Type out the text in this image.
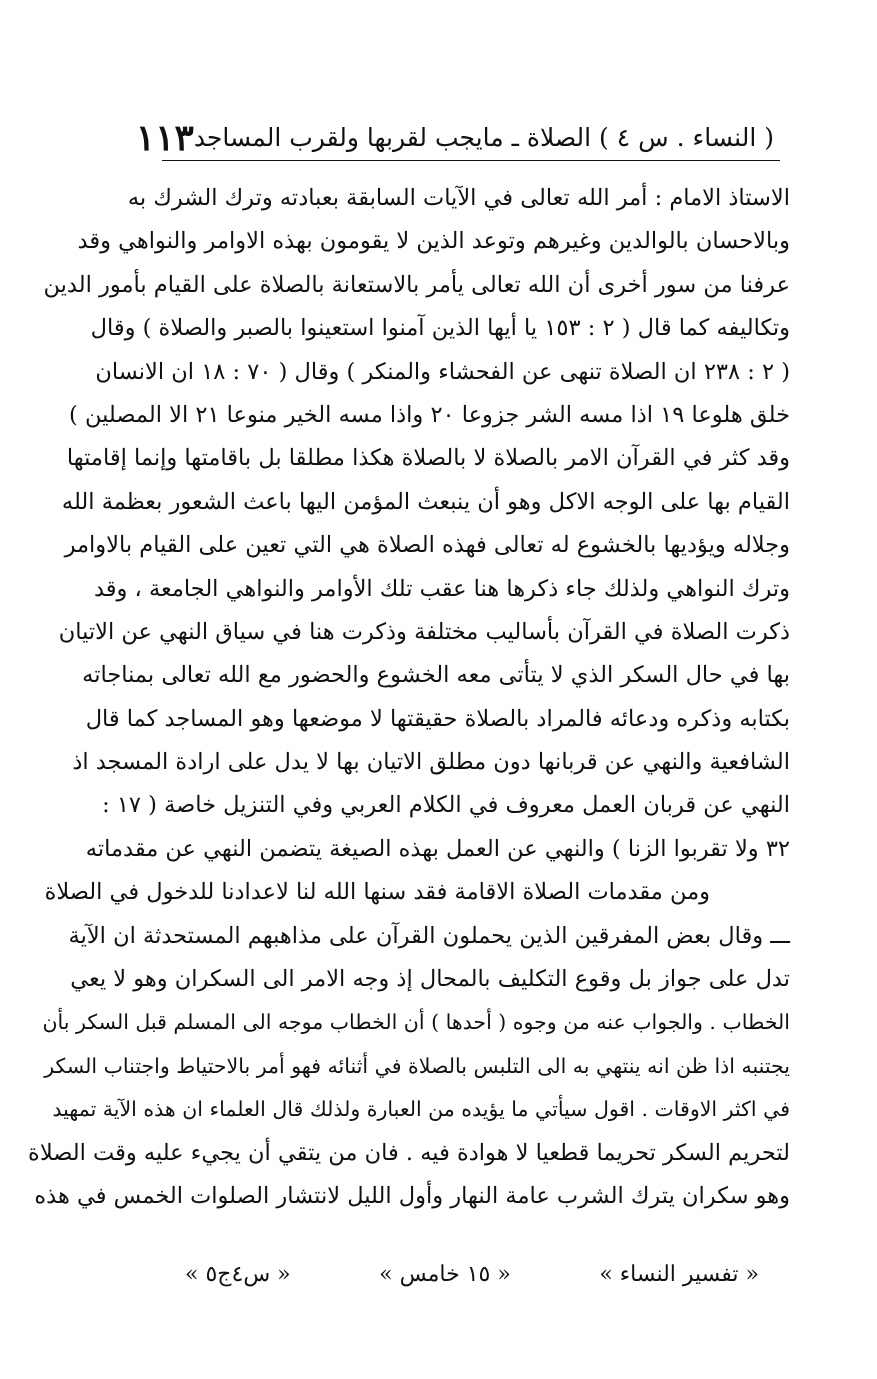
( النساء . س ٤ ) الصلاة ـ مايجب لقربها ولقرب المساجد
١١٣
الاستاذ الامام : أمر الله تعالى في الآيات السابقة بعبادته وترك الشرك به
وبالاحسان بالوالدين وغيرهم وتوعد الذين لا يقومون بهذه الاوامر والنواهي وقد
عرفنا من سور أخرى أن الله تعالى يأمر بالاستعانة بالصلاة على القيام بأمور الدين
وتكاليفه كما قال ( ٢ : ١٥٣ يا أيها الذين آمنوا استعينوا بالصبر والصلاة ) وقال
( ٢ : ٢٣٨ ان الصلاة تنهى عن الفحشاء والمنكر ) وقال ( ٧٠ : ١٨ ان الانسان
خلق هلوعا ١٩ اذا مسه الشر جزوعا ٢٠ واذا مسه الخير منوعا ٢١ الا المصلين )
وقد كثر في القرآن الامر بالصلاة لا بالصلاة هكذا مطلقا بل باقامتها وإنما إقامتها
القيام بها على الوجه الاكل وهو أن ينبعث المؤمن اليها باعث الشعور بعظمة الله
وجلاله ويؤديها بالخشوع له تعالى فهذه الصلاة هي التي تعين على القيام بالاوامر
وترك النواهي ولذلك جاء ذكرها هنا عقب تلك الأوامر والنواهي الجامعة ، وقد
ذكرت الصلاة في القرآن بأساليب مختلفة وذكرت هنا في سياق النهي عن الاتيان
بها في حال السكر الذي لا يتأتى معه الخشوع والحضور مع الله تعالى بمناجاته
بكتابه وذكره ودعائه فالمراد بالصلاة حقيقتها لا موضعها وهو المساجد كما قال
الشافعية والنهي عن قربانها دون مطلق الاتيان بها لا يدل على ارادة المسجد اذ
النهي عن قربان العمل معروف في الكلام العربي وفي التنزيل خاصة ( ١٧ :
٣٢ ولا تقربوا الزنا ) والنهي عن العمل بهذه الصيغة يتضمن النهي عن مقدماته
ومن مقدمات الصلاة الاقامة فقد سنها الله لنا لاعدادنا للدخول في الصلاة
ـــ وقال بعض المفرقين الذين يحملون القرآن على مذاهبهم المستحدثة ان الآية
تدل على جواز بل وقوع التكليف بالمحال إذ وجه الامر الى السكران وهو لا يعي
الخطاب . والجواب عنه من وجوه ( أحدها ) أن الخطاب موجه الى المسلم قبل السكر بأن
يجتنبه اذا ظن انه ينتهي به الى التلبس بالصلاة في أثنائه فهو أمر بالاحتياط واجتناب السكر
في اكثر الاوقات . اقول سيأتي ما يؤيده من العبارة ولذلك قال العلماء ان هذه الآية تمهيد
لتحريم السكر تحريما قطعيا لا هوادة فيه . فان من يتقي أن يجيء عليه وقت الصلاة
وهو سكران يترك الشرب عامة النهار وأول الليل لانتشار الصلوات الخمس في هذه
« تفسير النساء »
« ١٥ خامس »
« س٤ج٥ »
